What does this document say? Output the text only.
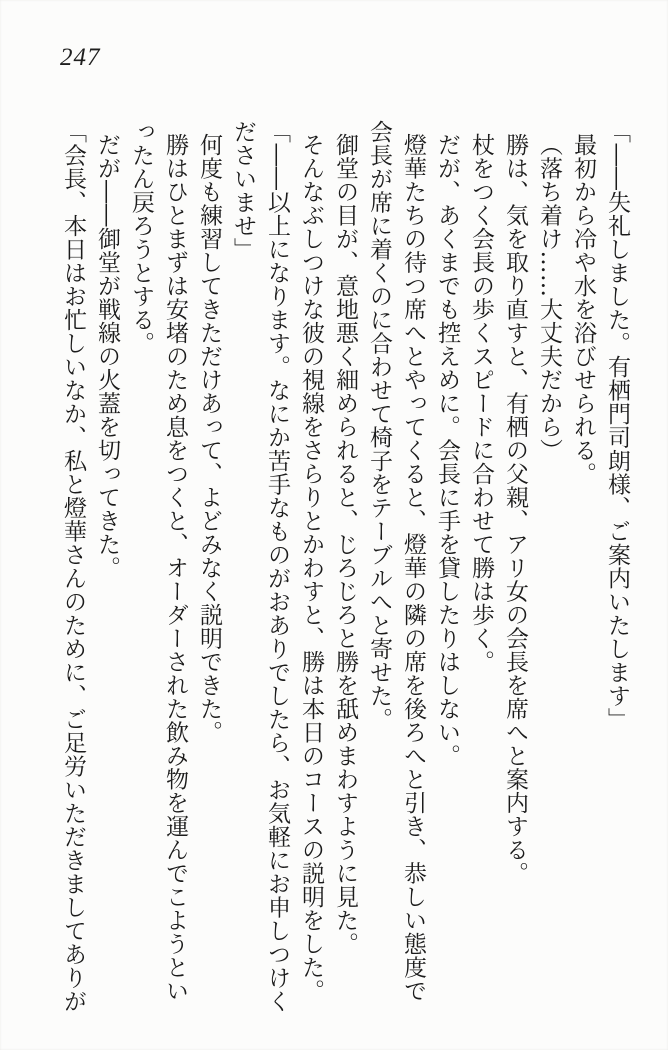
247

「――失礼しました。有栖門司朗様、ご案内いたします」

最初から冷や水を浴びせられる。

（落ち着け……大丈夫だから）

勝は、気を取り直すと、有栖の父親、アリ女の会長を席へと案内する。

杖をつく会長の歩くスピードに合わせて勝は歩く。

だが、あくまでも控えめに。会長に手を貸したりはしない。

燈華たちの待つ席へとやってくると、燈華の隣の席を後ろへと引き、恭しい態度で

会長が席に着くのに合わせて椅子をテーブルへと寄せた。

御堂の目が、意地悪く細められると、じろじろと勝を舐めまわすように見た。

そんなぶしつけな彼の視線をさらりとかわすと、勝は本日のコースの説明をした。

「――以上になります。なにか苦手なものがおありでしたら、お気軽にお申しつけく

ださいませ」

何度も練習してきただけあって、よどみなく説明できた。

勝はひとまずは安堵のため息をつくと、オーダーされた飲み物を運んでこようとい

ったん戻ろうとする。

だが――御堂が戦線の火蓋を切ってきた。

「会長、本日はお忙しいなか、私と燈華さんのために、ご足労いただきましてありが
